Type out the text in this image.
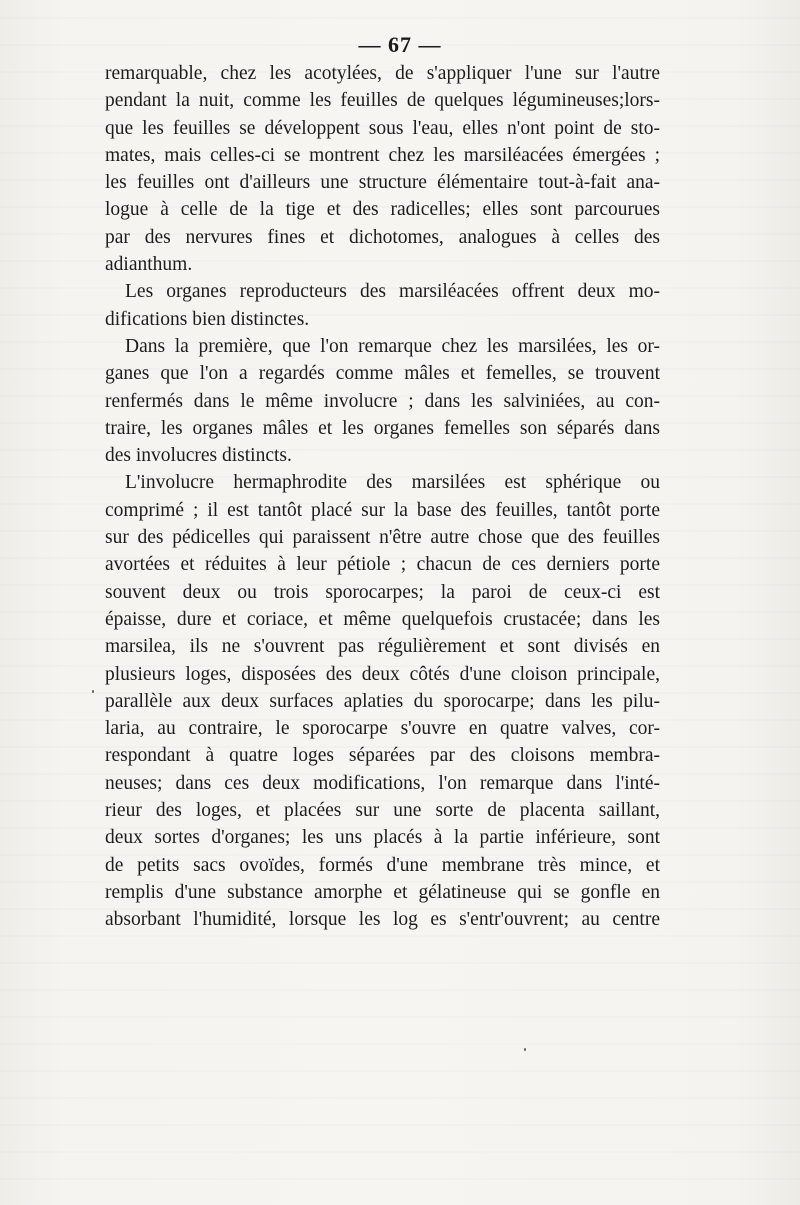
— 67 —
remarquable, chez les acotylées, de s'appliquer l'une sur l'autre
pendant la nuit, comme les feuilles de quelques légumineuses;lors-
que les feuilles se développent sous l'eau, elles n'ont point de sto-
mates, mais celles-ci se montrent chez les marsiléacées émergées ;
les feuilles ont d'ailleurs une structure élémentaire tout-à-fait ana-
logue à celle de la tige et des radicelles; elles sont parcourues
par des nervures fines et dichotomes, analogues à celles des
adianthum.
Les organes reproducteurs des marsiléacées offrent deux mo-
difications bien distinctes.
Dans la première, que l'on remarque chez les marsilées, les or-
ganes que l'on a regardés comme mâles et femelles, se trouvent
renfermés dans le même involucre ; dans les salviniées, au con-
traire, les organes mâles et les organes femelles son séparés dans
des involucres distincts.
L'involucre hermaphrodite des marsilées est sphérique ou
comprimé ; il est tantôt placé sur la base des feuilles, tantôt porte
sur des pédicelles qui paraissent n'être autre chose que des feuilles
avortées et réduites à leur pétiole ; chacun de ces derniers porte
souvent deux ou trois sporocarpes; la paroi de ceux-ci est
épaisse, dure et coriace, et même quelquefois crustacée; dans les
marsilea, ils ne s'ouvrent pas régulièrement et sont divisés en
plusieurs loges, disposées des deux côtés d'une cloison principale,
parallèle aux deux surfaces aplaties du sporocarpe; dans les pilu-
laria, au contraire, le sporocarpe s'ouvre en quatre valves, cor-
respondant à quatre loges séparées par des cloisons membra-
neuses; dans ces deux modifications, l'on remarque dans l'inté-
rieur des loges, et placées sur une sorte de placenta saillant,
deux sortes d'organes; les uns placés à la partie inférieure, sont
de petits sacs ovoïdes, formés d'une membrane très mince, et
remplis d'une substance amorphe et gélatineuse qui se gonfle en
absorbant l'humidité, lorsque les log es s'entr'ouvrent; au centre
